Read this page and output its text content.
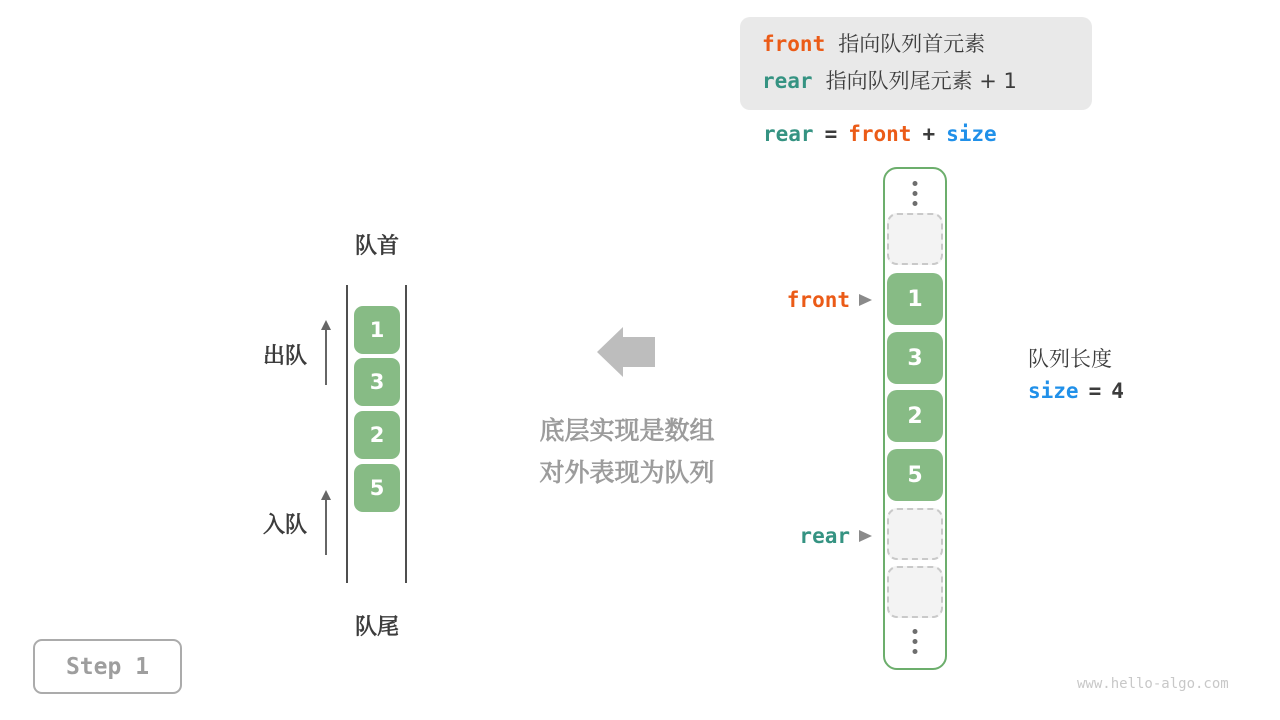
front 指向队列首元素
rear 指向队列尾元素 + 1
rear = front + size
1
3
2
5
front
rear
队列长度
size = 4
队首
1
3
2
5
出队
入队
队尾
底层实现是数组
对外表现为队列
Step 1
www.hello-algo.com
